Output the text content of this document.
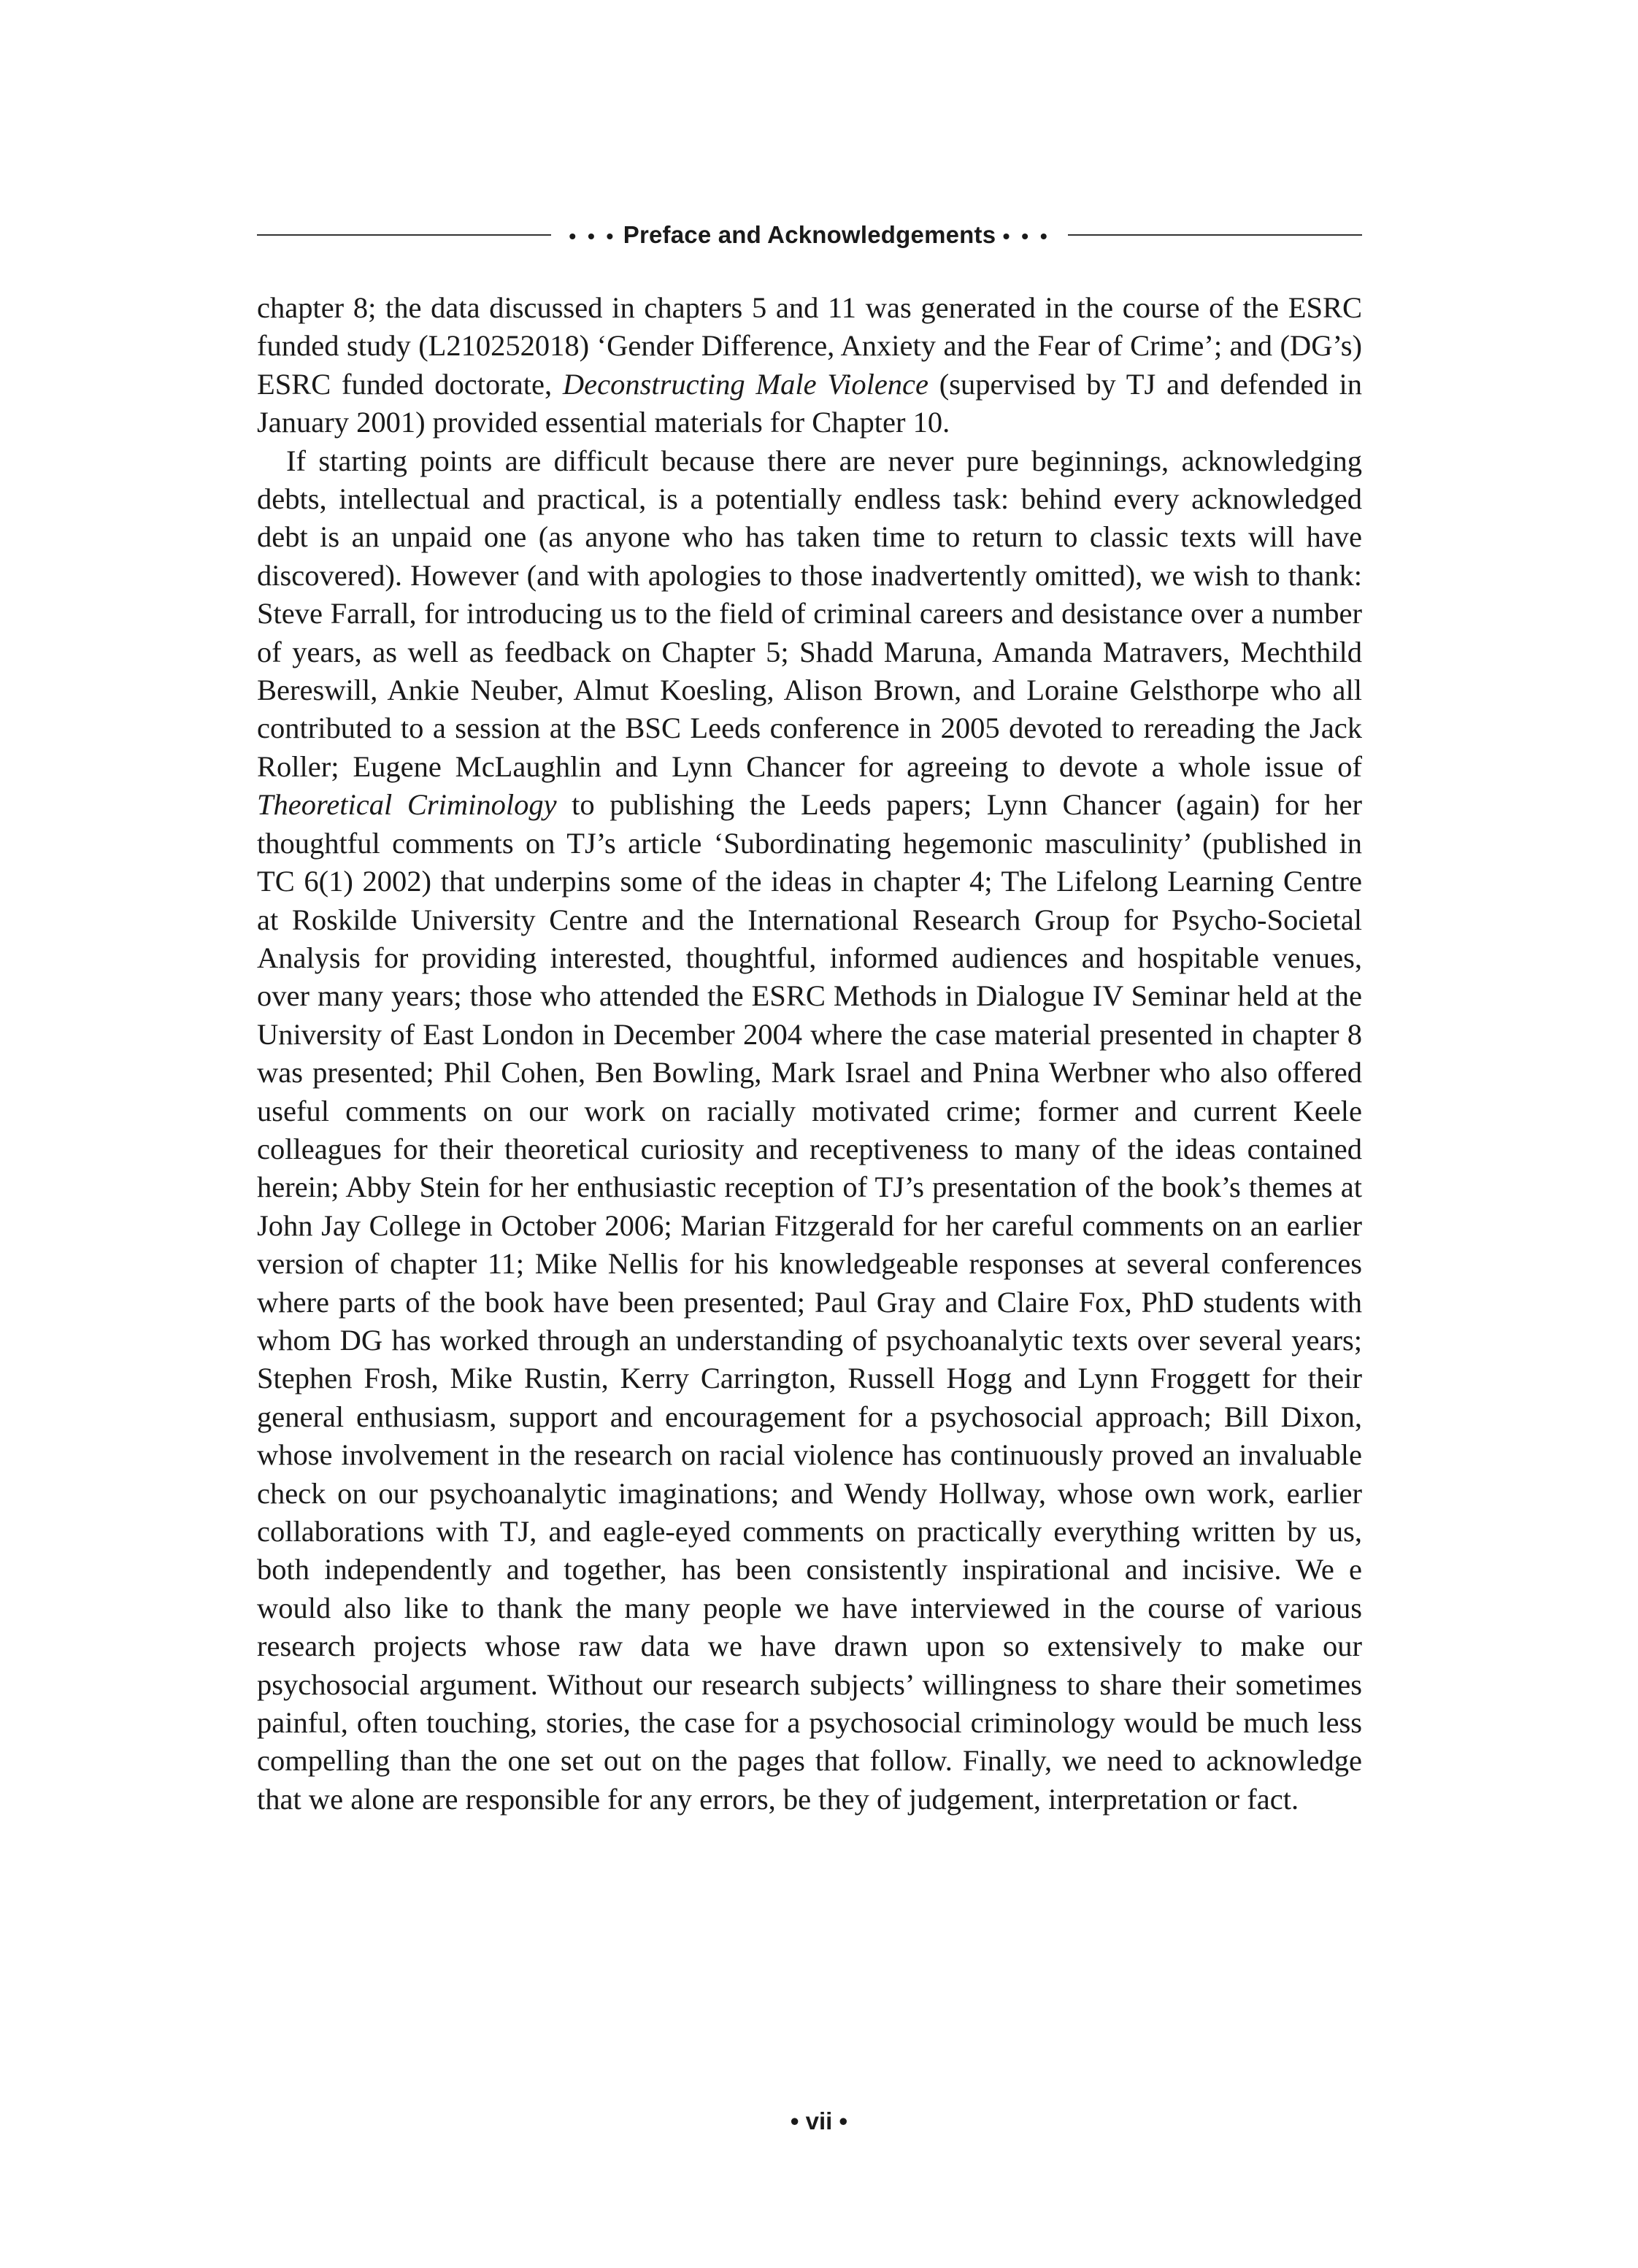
• • • Preface and Acknowledgements • • •

chapter 8; the data discussed in chapters 5 and 11 was generated in the course of the ESRC funded study (L210252018) ‘Gender Difference, Anxiety and the Fear of Crime’; and (DG’s) ESRC funded doctorate, Deconstructing Male Violence (supervised by TJ and defended in January 2001) provided essential materials for Chapter 10.

If starting points are difficult because there are never pure beginnings, acknowledging debts, intellectual and practical, is a potentially endless task: behind every acknowledged debt is an unpaid one (as anyone who has taken time to return to classic texts will have discovered). However (and with apologies to those inadvertently omitted), we wish to thank: Steve Farrall, for introducing us to the field of criminal careers and desistance over a number of years, as well as feedback on Chapter 5; Shadd Maruna, Amanda Matravers, Mechthild Bereswill, Ankie Neuber, Almut Koesling, Alison Brown, and Loraine Gelsthorpe who all contributed to a session at the BSC Leeds conference in 2005 devoted to rereading the Jack Roller; Eugene McLaughlin and Lynn Chancer for agreeing to devote a whole issue of Theoretical Criminology to publishing the Leeds papers; Lynn Chancer (again) for her thoughtful comments on TJ’s article ‘Subordinating hegemonic masculinity’ (published in TC 6(1) 2002) that underpins some of the ideas in chapter 4; The Lifelong Learning Centre at Roskilde University Centre and the International Research Group for Psycho-Societal Analysis for providing interested, thoughtful, informed audiences and hospitable venues, over many years; those who attended the ESRC Methods in Dialogue IV Seminar held at the University of East London in December 2004 where the case material presented in chapter 8 was presented; Phil Cohen, Ben Bowling, Mark Israel and Pnina Werbner who also offered useful comments on our work on racially motivated crime; former and current Keele colleagues for their theoretical curiosity and receptiveness to many of the ideas contained herein; Abby Stein for her enthusiastic reception of TJ’s presentation of the book’s themes at John Jay College in October 2006; Marian Fitzgerald for her careful comments on an earlier version of chapter 11; Mike Nellis for his knowledgeable responses at several conferences where parts of the book have been presented; Paul Gray and Claire Fox, PhD students with whom DG has worked through an understanding of psychoanalytic texts over several years; Stephen Frosh, Mike Rustin, Kerry Carrington, Russell Hogg and Lynn Froggett for their general enthusiasm, support and encouragement for a psychosocial approach; Bill Dixon, whose involvement in the research on racial violence has continuously proved an invaluable check on our psychoanalytic imaginations; and Wendy Hollway, whose own work, earlier collaborations with TJ, and eagle-eyed comments on practically everything written by us, both independently and together, has been consistently inspirational and incisive. We e would also like to thank the many people we have interviewed in the course of various research projects whose raw data we have drawn upon so extensively to make our psychosocial argument. Without our research subjects’ willingness to share their sometimes painful, often touching, stories, the case for a psychosocial criminology would be much less compelling than the one set out on the pages that follow. Finally, we need to acknowledge that we alone are responsible for any errors, be they of judgement, interpretation or fact.

• vii •
